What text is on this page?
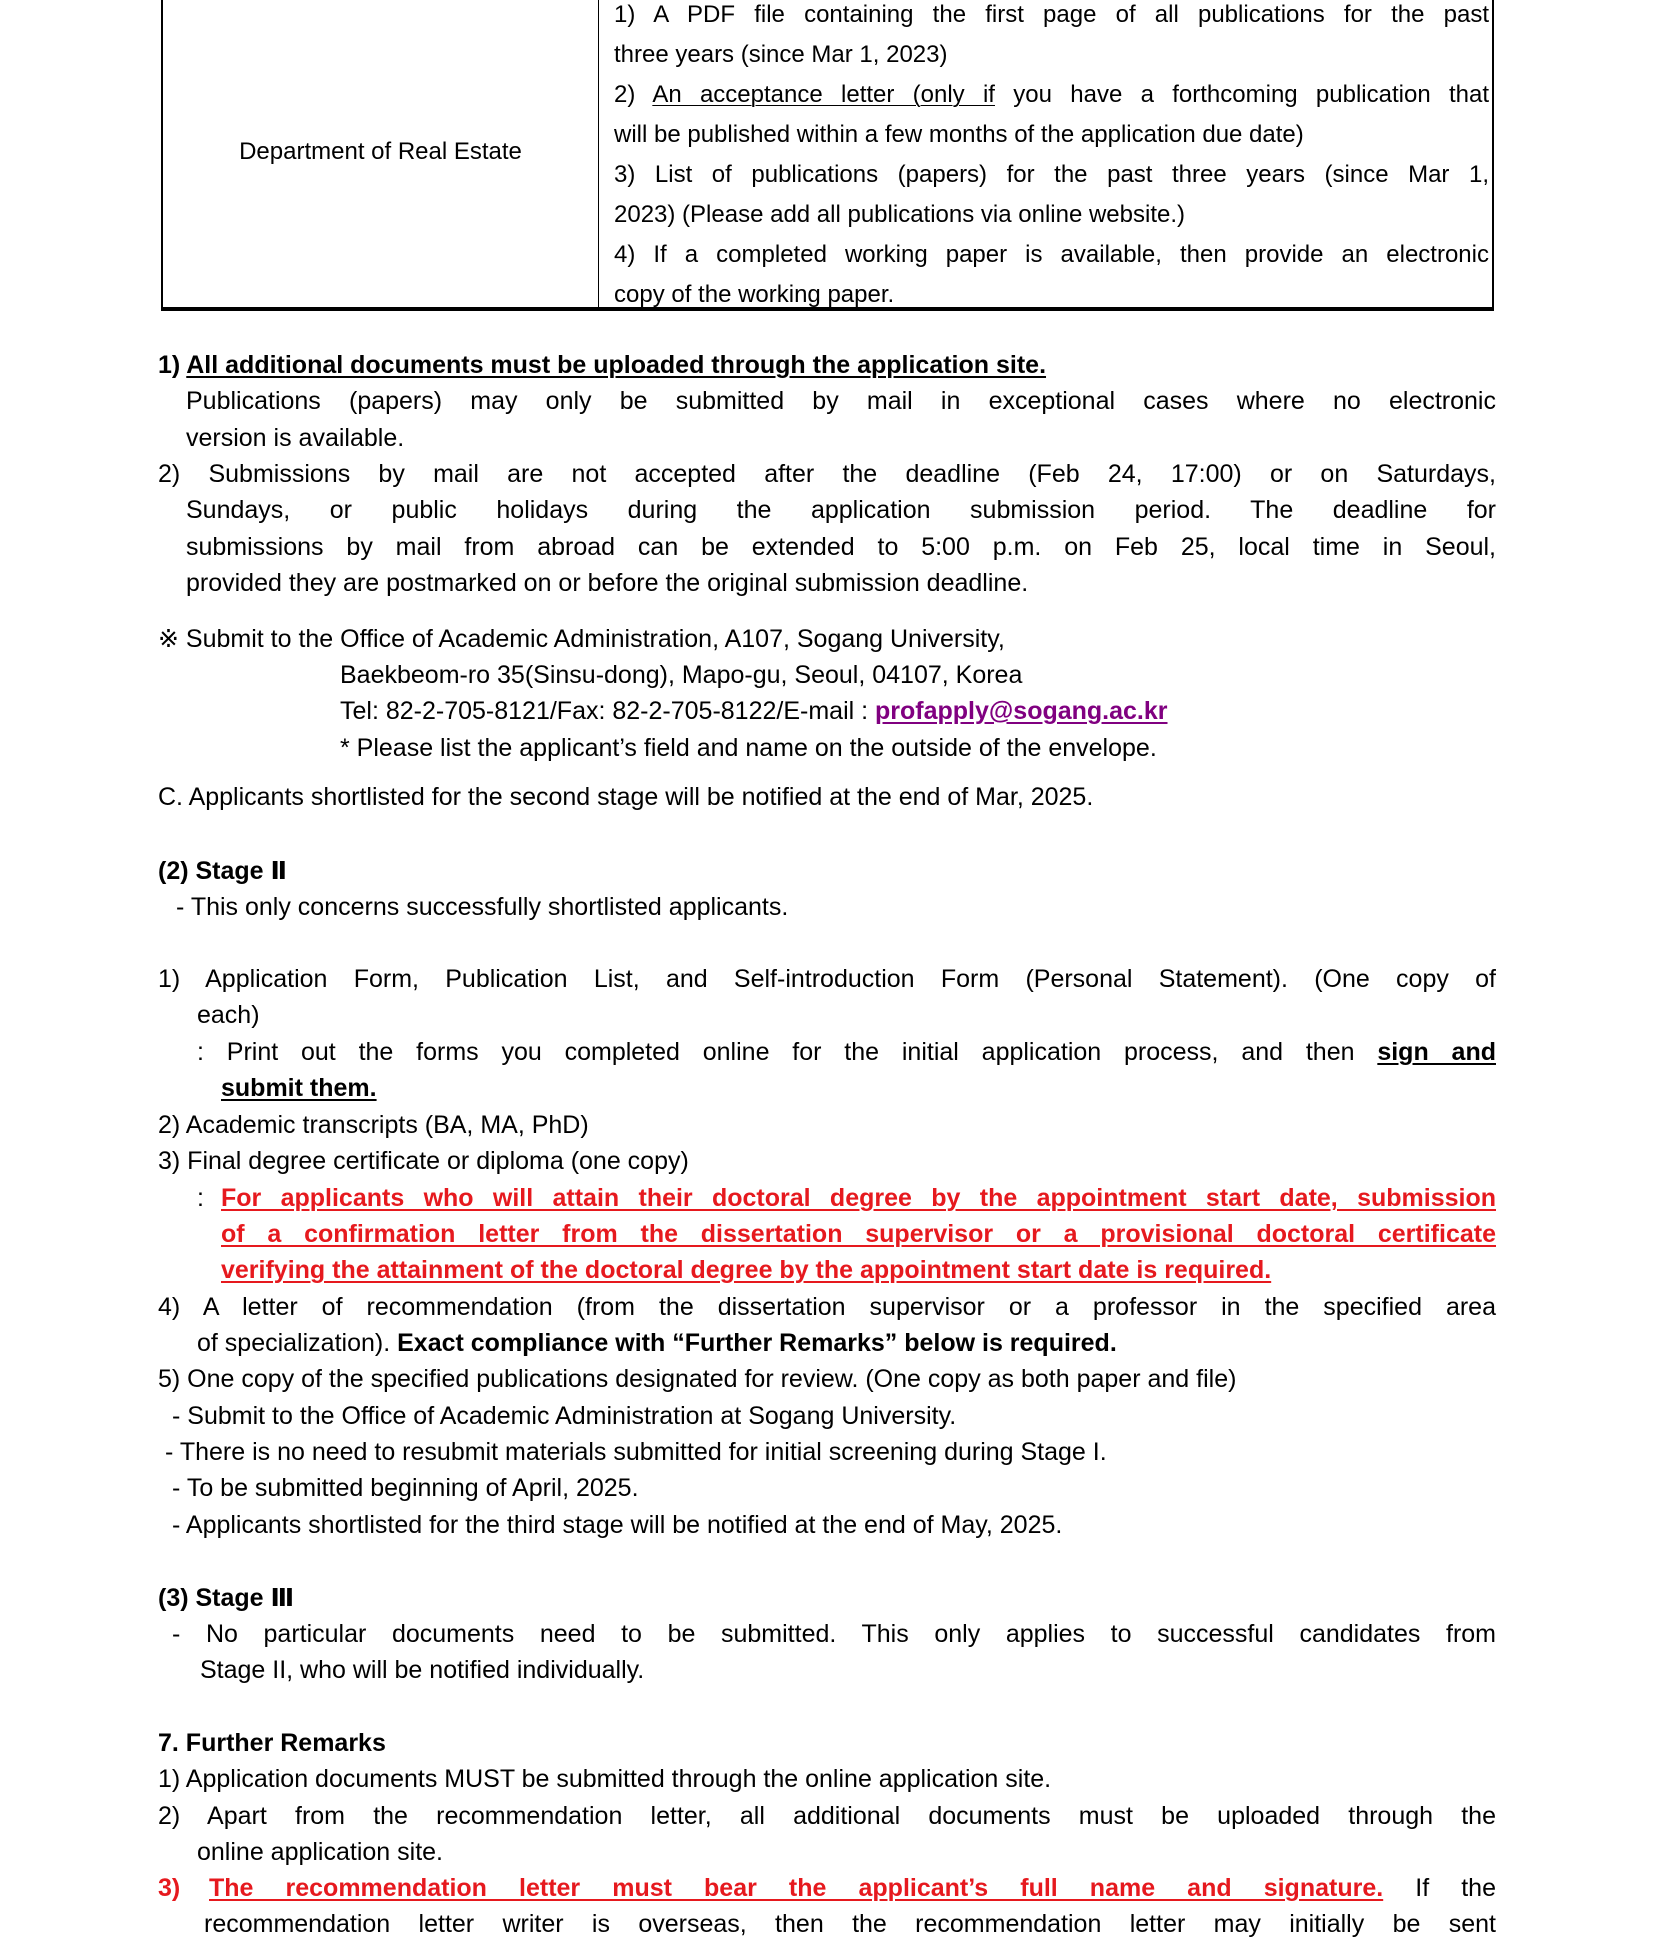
Department of Real Estate
1) A PDF file containing the first page of all publications for the past
three years (since Mar 1, 2023)
2) An acceptance letter (only if you have a forthcoming publication that
will be published within a few months of the application due date)
3) List of publications (papers) for the past three years (since Mar 1,
2023) (Please add all publications via online website.)
4) If a completed working paper is available, then provide an electronic
copy of the working paper.
1) All additional documents must be uploaded through the application site.
Publications (papers) may only be submitted by mail in exceptional cases where no electronic
version is available.
2) Submissions by mail are not accepted after the deadline (Feb 24, 17:00) or on Saturdays,
Sundays, or public holidays during the application submission period. The deadline for
submissions by mail from abroad can be extended to 5:00 p.m. on Feb 25, local time in Seoul,
provided they are postmarked on or before the original submission deadline.
※ Submit to the Office of Academic Administration, A107, Sogang University,
Baekbeom-ro 35(Sinsu-dong), Mapo-gu, Seoul, 04107, Korea
Tel: 82-2-705-8121/Fax: 82-2-705-8122/E-mail : profapply@sogang.ac.kr
* Please list the applicant’s field and name on the outside of the envelope.
C. Applicants shortlisted for the second stage will be notified at the end of Mar, 2025.
(2) Stage Ⅱ
- This only concerns successfully shortlisted applicants.
1) Application Form, Publication List, and Self-introduction Form (Personal Statement). (One copy of
each)
: Print out the forms you completed online for the initial application process, and then sign and
submit them.
2) Academic transcripts (BA, MA, PhD)
3) Final degree certificate or diploma (one copy)
: For applicants who will attain their doctoral degree by the appointment start date, submission
of a confirmation letter from the dissertation supervisor or a provisional doctoral certificate
verifying the attainment of the doctoral degree by the appointment start date is required.
4) A letter of recommendation (from the dissertation supervisor or a professor in the specified area
of specialization). Exact compliance with “Further Remarks” below is required.
5) One copy of the specified publications designated for review. (One copy as both paper and file)
- Submit to the Office of Academic Administration at Sogang University.
- There is no need to resubmit materials submitted for initial screening during Stage I.
- To be submitted beginning of April, 2025.
- Applicants shortlisted for the third stage will be notified at the end of May, 2025.
(3) Stage Ⅲ
- No particular documents need to be submitted. This only applies to successful candidates from
Stage II, who will be notified individually.
7. Further Remarks
1) Application documents MUST be submitted through the online application site.
2) Apart from the recommendation letter, all additional documents must be uploaded through the
online application site.
3) The recommendation letter must bear the applicant’s full name and signature. If the
recommendation letter writer is overseas, then the recommendation letter may initially be sent
